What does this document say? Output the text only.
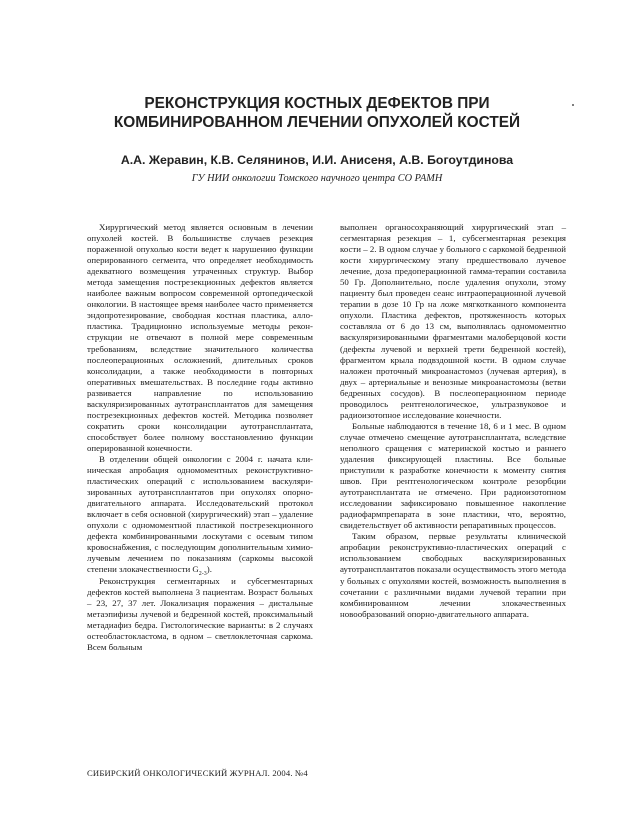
РЕКОНСТРУКЦИЯ КОСТНЫХ ДЕФЕКТОВ ПРИ
КОМБИНИРОВАННОМ ЛЕЧЕНИИ ОПУХОЛЕЙ КОСТЕЙ
А.А. Жеравин, К.В. Селянинов, И.И. Анисеня, А.В. Богоутдинова
ГУ НИИ онкологии Томского научного центра СО РАМН

Хирургический метод является основным в лечении опухолей костей. В большинстве случаев резекция пораженной опухолью кости ведет к нарушению функции оперированного сегмента, что определяет необходимость адекватного возмещения утраченных структур. Выбор метода замещения пострезекционных дефектов является наиболее важным вопросом современной ортопедической онкологии. В настоящее время наиболее часто применяется эндопротезирование, свободная костная пластика, аллопластика. Традиционно используемые методы реконструкции не отвечают в полной мере современным требованиям, вследствие значительного количества послеоперационных осложнений, длительных сроков консолидации, а также необходимости в повторных оперативных вмешательствах. В последние годы активно развивается направление по использованию васкуляризированных аутотрансплантатов для замещения пострезекционных дефектов костей. Методика позволяет сократить сроки консолидации аутотрансплантата, способствует более полному восстановлению функции оперированной конечности.

В отделении общей онкологии с 2004 г. начата клиническая апробация одномоментных реконструктивно-пластических операций с использованием васкуляризированных аутотрансплантатов при опухолях опорно-двигательного аппарата. Исследовательский протокол включает в себя основной (хирургический) этап – удаление опухоли с одномоментной пластикой пострезекционного дефекта комбинированными лоскутами с осевым типом кровоснабжения, с последующим дополнительным химио-лучевым лечением по показаниям (саркомы высокой степени злокачественности $G_{2-3}$).

Реконструкция сегментарных и субсегментарных дефектов костей выполнена 3 пациентам. Возраст больных – 23, 27, 37 лет. Локализация поражения – дистальные метаэпифизы лучевой и бедренной костей, проксимальный метадиафиз бедра. Гистологические варианты: в 2 случаях остеобластокластома, в одном – светлоклеточная саркома. Всем больным

выполнен органосохраняющий хирургический этап – сегментарная резекция – 1, субсегментарная резекция кости – 2. В одном случае у больного с саркомой бедренной кости хирургическому этапу предшествовало лучевое лечение, доза предоперационной гамма-терапии составила 50 Гр. Дополнительно, после удаления опухоли, этому пациенту был проведен сеанс интраоперационной лучевой терапии в дозе 10 Гр на ложе мягкотканного компонента опухоли. Пластика дефектов, протяженность которых составляла от 6 до 13 см, выполнялась одномоментно васкуляризированными фрагментами малоберцовой кости (дефекты лучевой и верхней трети бедренной костей), фрагментом крыла подвздошной кости. В одном случае наложен проточный микроанастомоз (лучевая артерия), в двух – артериальные и венозные микроанастомозы (ветви бедренных сосудов). В послеоперационном периоде проводилось рентгенологическое, ультразвуковое и радиоизотопное исследование конечности.

Больные наблюдаются в течение 18, 6 и 1 мес. В одном случае отмечено смещение аутотрансплантата, вследствие неполного сращения с материнской костью и раннего удаления фиксирующей пластины. Все больные приступили к разработке конечности к моменту снятия швов. При рентгенологическом контроле резорбции аутотрансплантата не отмечено. При радиоизотопном исследовании зафиксировано повышенное накопление радиофармпрепарата в зоне пластики, что, вероятно, свидетельствует об активности репаративных процессов.

Таким образом, первые результаты клинической апробации реконструктивно-пластических операций с использованием свободных васкуляризированных аутотрансплантатов показали осуществимость этого метода у больных с опухолями костей, возможность выполнения в сочетании с различными видами лучевой терапии при комбинированном лечении злокачественных новообразований опорно-двигательного аппарата.

СИБИРСКИЙ ОНКОЛОГИЧЕСКИЙ ЖУРНАЛ. 2004. №4
